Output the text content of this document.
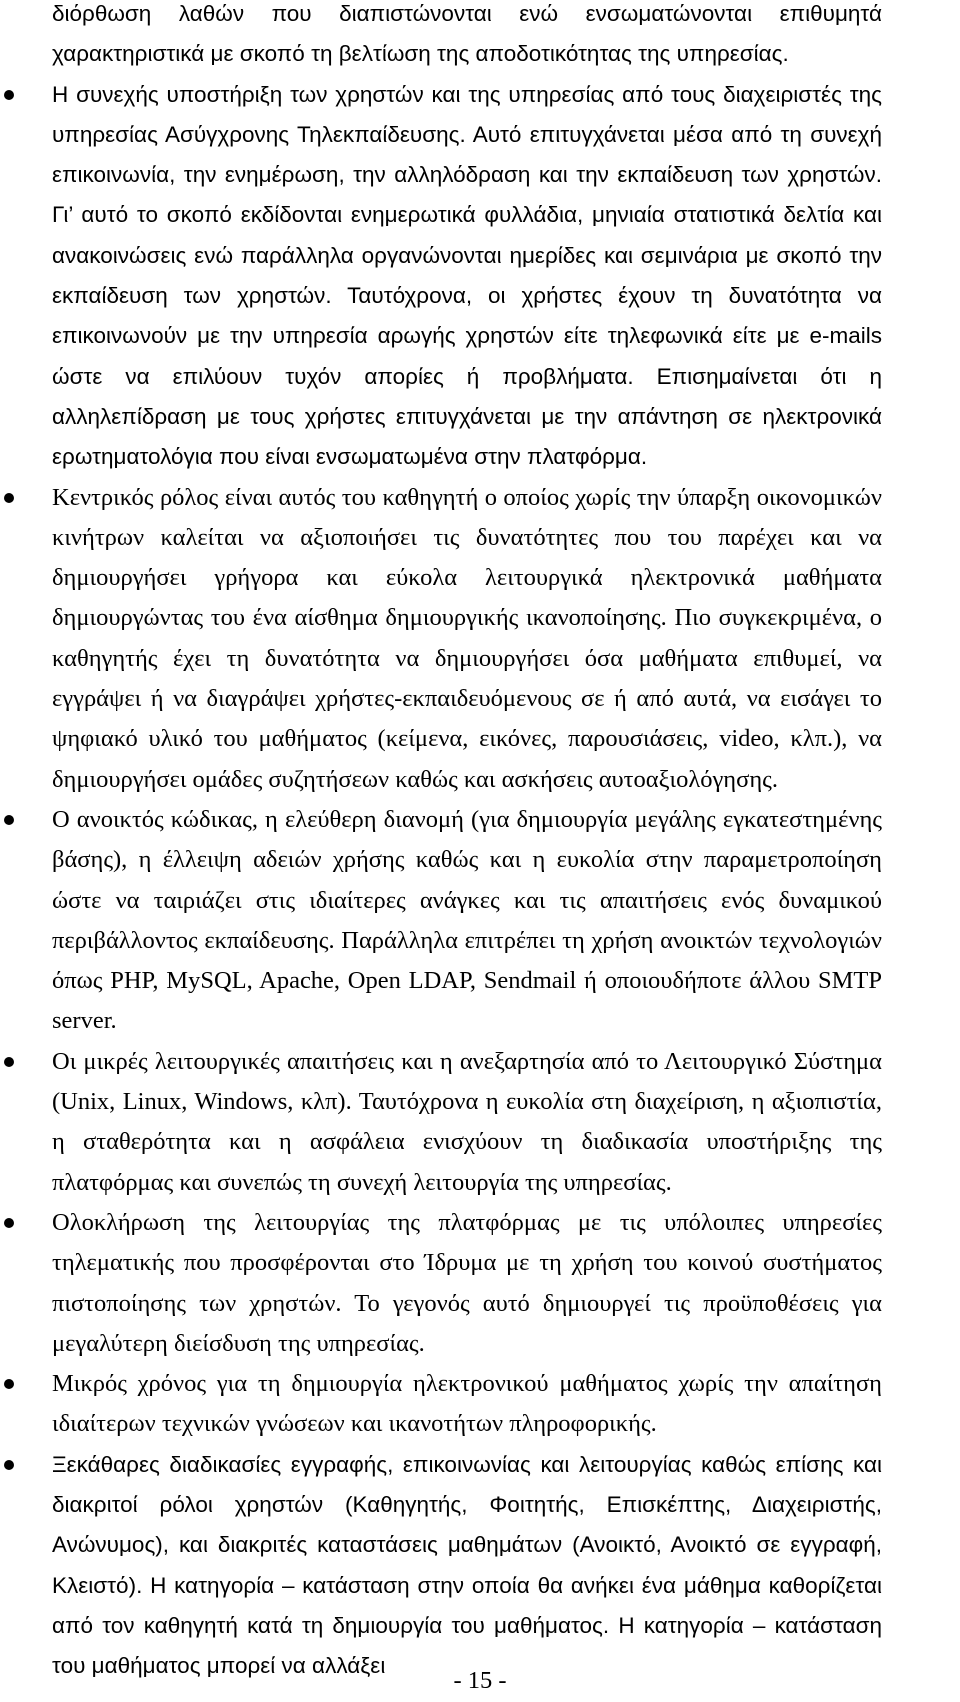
διόρθωση λαθών που διαπιστώνονται ενώ ενσωματώνονται επιθυμητά χαρακτηριστικά με σκοπό τη βελτίωση της αποδοτικότητας της υπηρεσίας.

Η συνεχής υποστήριξη των χρηστών και της υπηρεσίας από τους διαχειριστές της υπηρεσίας Ασύγχρονης Τηλεκπαίδευσης. Αυτό επιτυγχάνεται μέσα από τη συνεχή επικοινωνία, την ενημέρωση, την αλληλόδραση και την εκπαίδευση των χρηστών. Γι’ αυτό το σκοπό εκδίδονται ενημερωτικά φυλλάδια, μηνιαία στατιστικά δελτία και ανακοινώσεις ενώ παράλληλα οργανώνονται ημερίδες και σεμινάρια με σκοπό την εκπαίδευση των χρηστών. Ταυτόχρονα, οι χρήστες έχουν τη δυνατότητα να επικοινωνούν με την υπηρεσία αρωγής χρηστών είτε τηλεφωνικά είτε με e-mails ώστε να επιλύουν τυχόν απορίες ή προβλήματα. Επισημαίνεται ότι η αλληλεπίδραση με τους χρήστες επιτυγχάνεται με την απάντηση σε ηλεκτρονικά ερωτηματολόγια που είναι ενσωματωμένα στην πλατφόρμα.
Κεντρικός ρόλος είναι αυτός του καθηγητή ο οποίος χωρίς την ύπαρξη οικονομικών κινήτρων καλείται να αξιοποιήσει τις δυνατότητες που του παρέχει και να δημιουργήσει γρήγορα και εύκολα λειτουργικά ηλεκτρονικά μαθήματα δημιουργώντας του ένα αίσθημα δημιουργικής ικανοποίησης. Πιο συγκεκριμένα, ο καθηγητής έχει τη δυνατότητα να δημιουργήσει όσα μαθήματα επιθυμεί, να εγγράψει ή να διαγράψει χρήστες-εκπαιδευόμενους σε ή από αυτά, να εισάγει το ψηφιακό υλικό του μαθήματος (κείμενα, εικόνες, παρουσιάσεις, video, κλπ.), να δημιουργήσει ομάδες συζητήσεων καθώς και ασκήσεις αυτοαξιολόγησης.
Ο ανοικτός κώδικας, η ελεύθερη διανομή (για δημιουργία μεγάλης εγκατεστημένης βάσης), η έλλειψη αδειών χρήσης καθώς και η ευκολία στην παραμετροποίηση ώστε να ταιριάζει στις ιδιαίτερες ανάγκες και τις απαιτήσεις ενός δυναμικού περιβάλλοντος εκπαίδευσης. Παράλληλα επιτρέπει τη χρήση ανοικτών τεχνολογιών όπως PHP, MySQL, Apache, Open LDAP, Sendmail ή οποιουδήποτε άλλου SMTP server.
Οι μικρές λειτουργικές απαιτήσεις και η ανεξαρτησία από το Λειτουργικό Σύστημα (Unix, Linux, Windows, κλπ). Ταυτόχρονα η ευκολία στη διαχείριση, η αξιοπιστία, η σταθερότητα και η ασφάλεια ενισχύουν τη διαδικασία υποστήριξης της πλατφόρμας και συνεπώς τη συνεχή λειτουργία της υπηρεσίας.
Ολοκλήρωση της λειτουργίας της πλατφόρμας με τις υπόλοιπες υπηρεσίες τηλεματικής που προσφέρονται στο Ίδρυμα με τη χρήση του κοινού συστήματος πιστοποίησης των χρηστών. Το γεγονός αυτό δημιουργεί τις προϋποθέσεις για μεγαλύτερη διείσδυση της υπηρεσίας.
Μικρός χρόνος για τη δημιουργία ηλεκτρονικού μαθήματος χωρίς την απαίτηση ιδιαίτερων τεχνικών γνώσεων και ικανοτήτων πληροφορικής.
Ξεκάθαρες διαδικασίες εγγραφής, επικοινωνίας και λειτουργίας καθώς επίσης και διακριτοί ρόλοι χρηστών (Καθηγητής, Φοιτητής, Επισκέπτης, Διαχειριστής, Ανώνυμος), και διακριτές καταστάσεις μαθημάτων (Ανοικτό, Ανοικτό σε εγγραφή, Κλειστό). Η κατηγορία – κατάσταση στην οποία θα ανήκει ένα μάθημα καθορίζεται από τον καθηγητή κατά τη δημιουργία του μαθήματος. Η κατηγορία – κατάσταση του μαθήματος μπορεί να αλλάξει
- 15 -
